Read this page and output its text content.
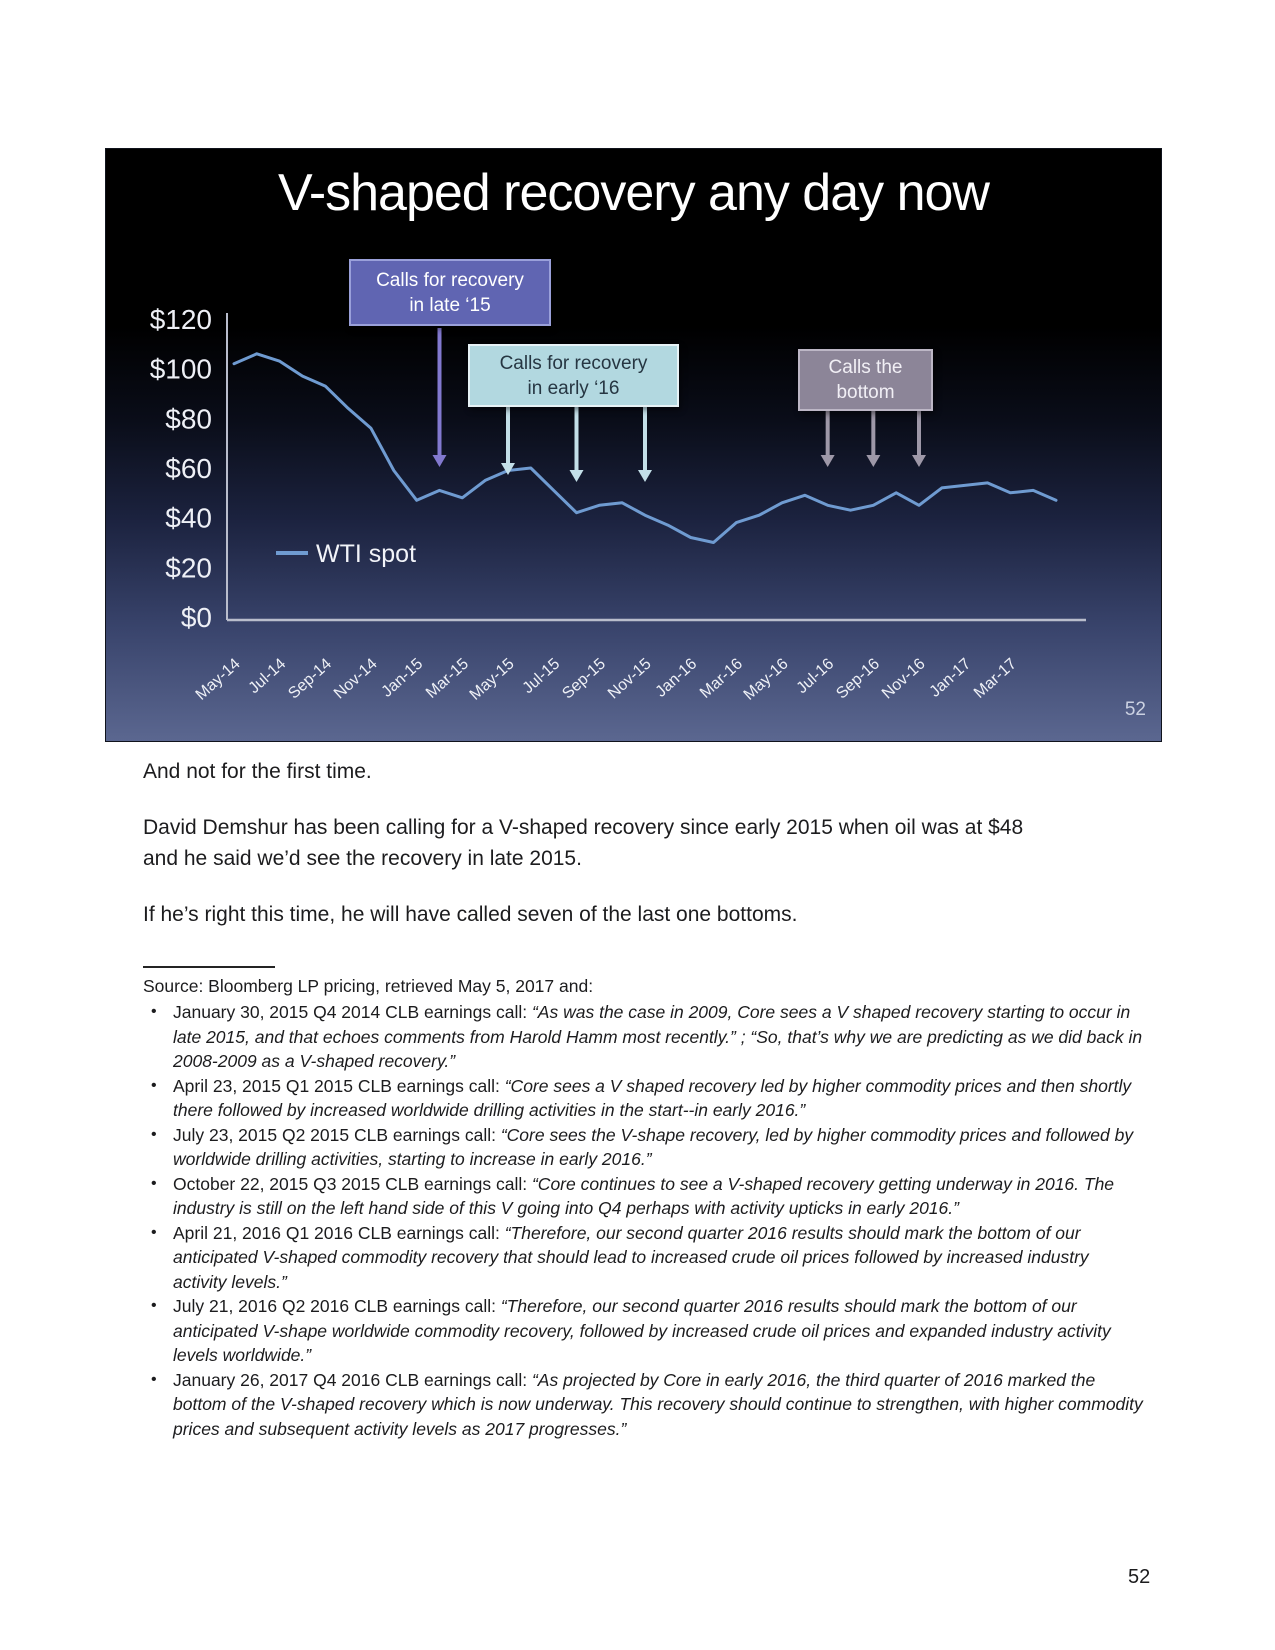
$120
$100
$80
$60
$40
$20
$0
May-14 Jul-14
Sep-14
Nov-14
Jan-15
Mar-15
May-15 Jul-15
Sep-15
Nov-15
Jan-16
Mar-16
May-16 Jul-16
Sep-16
Nov-16
Jan-17
Mar-17
WTI spot
V-shaped recovery any day now
Calls for recovery
in late ‘15
Calls for recovery
in early ‘16
Calls the
bottom
52

And not for the first time.

David Demshur has been calling for a V-shaped recovery since early 2015 when oil was at $48
and he said we’d see the recovery in late 2015.

If he’s right this time, he will have called seven of the last one bottoms.

Source: Bloomberg LP pricing, retrieved May 5, 2017 and:
• January 30, 2015 Q4 2014 CLB earnings call: “As was the case in 2009, Core sees a V shaped recovery starting to occur in late 2015, and that echoes comments from Harold Hamm most recently.” ; “So, that’s why we are predicting as we did back in 2008-2009 as a V-shaped recovery.”
• April 23, 2015 Q1 2015 CLB earnings call: “Core sees a V shaped recovery led by higher commodity prices and then shortly there followed by increased worldwide drilling activities in the start--in early 2016.”
• July 23, 2015 Q2 2015 CLB earnings call: “Core sees the V-shape recovery, led by higher commodity prices and followed by worldwide drilling activities, starting to increase in early 2016.”
• October 22, 2015 Q3 2015 CLB earnings call: “Core continues to see a V-shaped recovery getting underway in 2016. The industry is still on the left hand side of this V going into Q4 perhaps with activity upticks in early 2016.”
• April 21, 2016 Q1 2016 CLB earnings call: “Therefore, our second quarter 2016 results should mark the bottom of our anticipated V-shaped commodity recovery that should lead to increased crude oil prices followed by increased industry activity levels.”
• July 21, 2016 Q2 2016 CLB earnings call: “Therefore, our second quarter 2016 results should mark the bottom of our anticipated V-shape worldwide commodity recovery, followed by increased crude oil prices and expanded industry activity levels worldwide.”
• January 26, 2017 Q4 2016 CLB earnings call: “As projected by Core in early 2016, the third quarter of 2016 marked the bottom of the V-shaped recovery which is now underway. This recovery should continue to strengthen, with higher commodity prices and subsequent activity levels as 2017 progresses.”
52
